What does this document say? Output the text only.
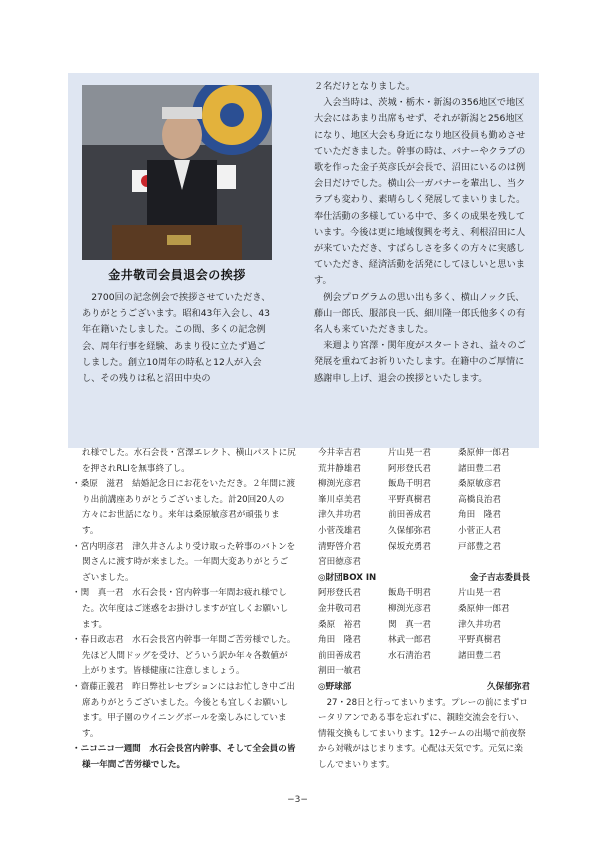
金井敬司会員退会の挨拶

2700回の記念例会で挨拶させていただき、ありがとうございます。昭和43年入会し、43年在籍いたしました。この間、多くの記念例会、周年行事を経験、あまり役に立たず過ごしました。創立10周年の時私と12人が入会し、その残りは私と沼田中央の

２名だけとなりました。

入会当時は、茨城・栃木・新潟の356地区で地区大会にはあまり出席もせず、それが新潟と256地区になり、地区大会も身近になり地区役員も勤めさせていただきました。幹事の時は、バナーやクラブの歌を作った金子英彦氏が会長で、沼田にいるのは例会日だけでした。横山公一ガバナーを輩出し、当クラブも変わり、素晴らしく発展してまいりました。奉仕活動の多様している中で、多くの成果を残しています。今後は更に地域復興を考え、利根沼田に人が来ていただき、すばらしさを多くの方々に実感していただき、経済活動を活発にしてほしいと思います。

例会プログラムの思い出も多く、横山ノック氏、藤山一郎氏、服部良一氏、細川隆一郎氏他多くの有名人も来ていただきました。

来週より宮澤・関年度がスタートされ、益々のご発展を重ねてお祈りいたします。在籍中のご厚情に感謝申し上げ、退会の挨拶といたします。

れ様でした。水石会長・宮澤エレクト、横山パストに尻を押されRLIを無事終了し。
・桑原　滋君　結婚記念日にお花をいただき。２年間に渡り出前講座ありがとうございました。計20回20人の方々にお世話になり。来年は桑原敏彦君が頑張ります。
・宮内明彦君　津久井さんより受け取った幹事のバトンを関さんに渡す時が来ました。一年間大変ありがとうございました。
・関　真一君　水石会長・宮内幹事一年間お疲れ様でした。次年度はご迷惑をお掛けしますが宜しくお願いします。
・春日政志君　水石会長宮内幹事一年間ご苦労様でした。先ほど人間ドッグを受け、どういう訳か年々各数値が上がります。皆様健康に注意しましょう。
・齋藤正義君　昨日弊社レセプションにはお忙しき中ご出席ありがとうございました。今後とも宜しくお願いします。甲子園のウイニングボールを楽しみにしています。
・ニコニコ一週間　水石会長宮内幹事、そして全会員の皆様一年間ご苦労様でした。
今井幸吉君	片山晃一君	桑原伸一郎君
荒井静雄君	阿形登氏君	諸田豊二君
柳渕光彦君	飯島千明君	桑原敏彦君
峯川卓美君	平野真樹君	高橋良治君
津久井功君	前田善成君	角田　隆君
小菅茂雄君	久保郁弥君	小菅正人君
清野啓介君	保坂充勇君	戸部豊之君
宮田徳彦君
◎財団BOX IN	金子吉志委員長
阿形登氏君	飯島千明君	片山晃一君
金井敬司君	柳渕光彦君	桑原伸一郎君
桑原　裕君	関　真一君	津久井功君
角田　隆君	林武一郎君	平野真樹君
前田善成君	水石清治君	諸田豊二君
割田一敏君
◎野球部	久保郁弥君

27・28日と行ってまいります。プレーの前にまずロータリアンである事を忘れずに、親睦交流会を行い、情報交換もしてまいります。12チームの出場で前夜祭から対戦がはじまります。心配は天気です。元気に楽しんでまいります。

−3−
